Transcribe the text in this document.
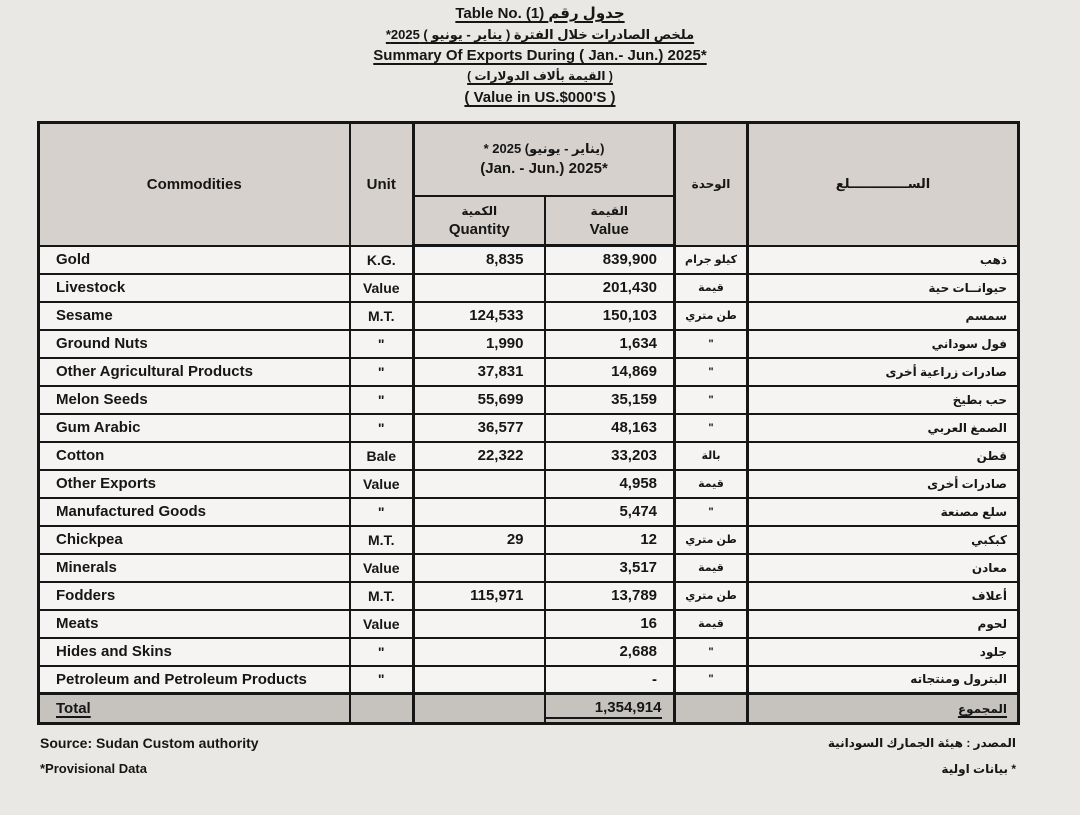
Table No. (1) جدول رقم
ملخص الصادرات خلال الفترة ( يناير - يونيو ) 2025*
Summary Of Exports During ( Jan.- Jun.) 2025*
( القيمة بألاف الدولارات )
( Value in US.$000'S )
Commodities	Unit	(يناير - يونيو) 2025 *
(Jan. - Jun.) 2025*		الوحدة	الســـــــــــــلع

الكمية
Quantity

القيمة
Value

Gold	K.G.	8,835	839,900	كيلو جرام	ذهب
Livestock	Value		201,430	قيمة	حيوانــات حية
Sesame	M.T.	124,533	150,103	طن متري	سمسم
Ground Nuts	"	1,990	1,634	"	فول سوداني
Other Agricultural Products	"	37,831	14,869	"	صادرات زراعية أخرى
Melon Seeds	"	55,699	35,159	"	حب بطيخ
Gum Arabic	"	36,577	48,163	"	الصمغ العربي
Cotton	Bale	22,322	33,203	بالة	قطن
Other Exports	Value		4,958	قيمة	صادرات أخرى
Manufactured Goods	"		5,474	"	سلع مصنعة
Chickpea	M.T.	29	12	طن متري	كبكبي
Minerals	Value		3,517	قيمة	معادن
Fodders	M.T.	115,971	13,789	طن متري	أعلاف
Meats	Value		16	قيمة	لحوم
Hides and Skins	"		2,688	"	جلود
Petroleum and Petroleum Products	"		-	"	البترول ومنتجاته
Total			1,354,914		المجموع
Source: Sudan Custom authority
*Provisional Data
المصدر : هيئة الجمارك السودانية
* بيانات اولية
